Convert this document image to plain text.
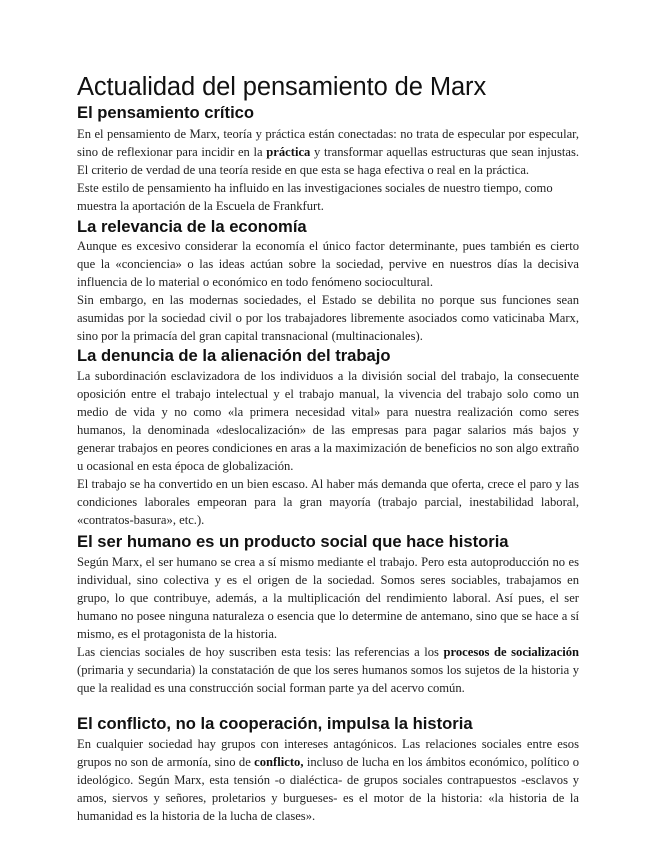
Actualidad del pensamiento de Marx
El pensamiento crítico

En el pensamiento de Marx, teoría y práctica están conectadas: no trata de especular por especular, sino de reflexionar para incidir en la práctica y transformar aquellas estructuras que sean injustas. El criterio de verdad de una teoría reside en que esta se haga efectiva o real en la práctica.

Este estilo de pensamiento ha influido en las investigaciones sociales de nuestro tiempo, como muestra la aportación de la Escuela de Frankfurt.

La relevancia de la economía

Aunque es excesivo considerar la economía el único factor determinante, pues también es cierto que la «conciencia» o las ideas actúan sobre la sociedad, pervive en nuestros días la decisiva influencia de lo material o económico en todo fenómeno sociocultural.

Sin embargo, en las modernas sociedades, el Estado se debilita no porque sus funciones sean asumidas por la sociedad civil o por los trabajadores libremente asociados como vaticinaba Marx, sino por la primacía del gran capital transnacional (multinacionales).

La denuncia de la alienación del trabajo

La subordinación esclavizadora de los individuos a la división social del trabajo, la consecuente oposición entre el trabajo intelectual y el trabajo manual, la vivencia del trabajo solo como un medio de vida y no como «la primera necesidad vital» para nuestra realización como seres humanos, la denominada «deslocalización» de las empresas para pagar salarios más bajos y generar trabajos en peores condiciones en aras a la maximización de beneficios no son algo extraño u ocasional en esta época de globalización.

El trabajo se ha convertido en un bien escaso. Al haber más demanda que oferta, crece el paro y las condiciones laborales empeoran para la gran mayoría (trabajo parcial, inestabilidad laboral, «contratos-basura», etc.).

El ser humano es un producto social que hace historia

Según Marx, el ser humano se crea a sí mismo mediante el trabajo. Pero esta autoproducción no es individual, sino colectiva y es el origen de la sociedad. Somos seres sociables, trabajamos en grupo, lo que contribuye, además, a la multiplicación del rendimiento laboral. Así pues, el ser humano no posee ninguna naturaleza o esencia que lo determine de antemano, sino que se hace a sí mismo, es el protagonista de la historia.

Las ciencias sociales de hoy suscriben esta tesis: las referencias a los procesos de socialización (primaria y secundaria) la constatación de que los seres humanos somos los sujetos de la historia y que la realidad es una construcción social forman parte ya del acervo común.

El conflicto, no la cooperación, impulsa la historia

En cualquier sociedad hay grupos con intereses antagónicos. Las relaciones sociales entre esos grupos no son de armonía, sino de conflicto, incluso de lucha en los ámbitos económico, político o ideológico. Según Marx, esta tensión -o dialéctica- de grupos sociales contrapuestos -esclavos y amos, siervos y señores, proletarios y burgueses- es el motor de la historia: «la historia de la humanidad es la historia de la lucha de clases».
